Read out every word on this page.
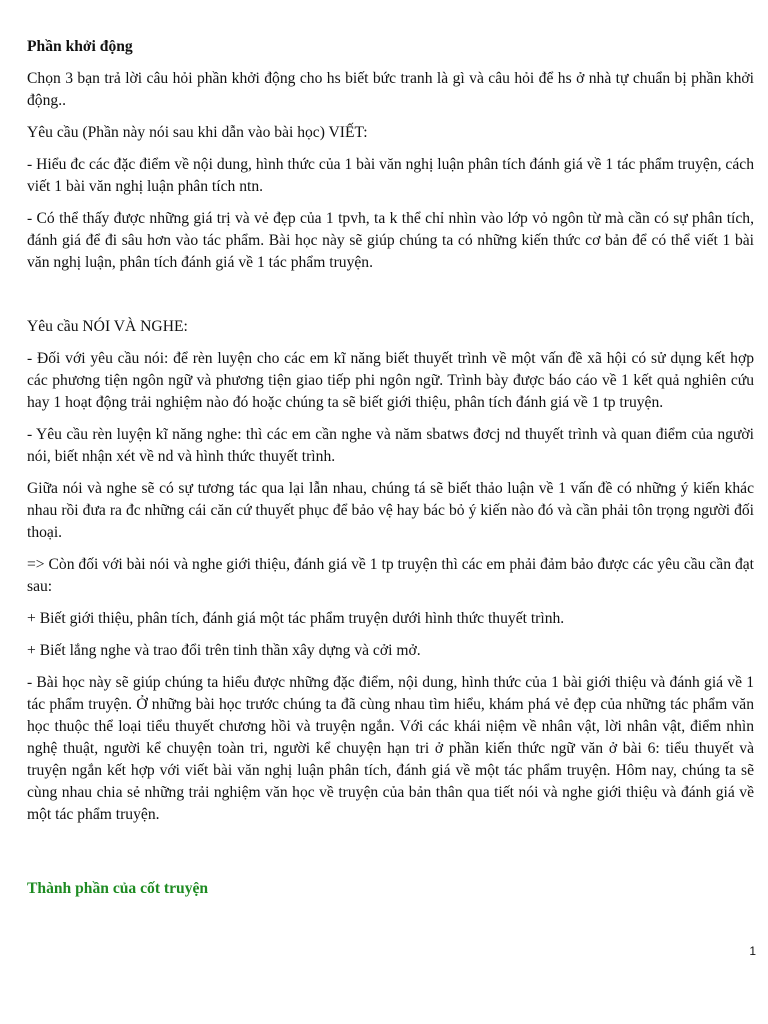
Phần khởi động

Chọn 3 bạn trả lời câu hỏi phần khởi động cho hs biết bức tranh là gì và câu hỏi để hs ở nhà tự chuẩn bị phần khởi động..

Yêu cầu (Phần này nói sau khi dẫn vào bài học) VIẾT:

- Hiểu đc các đặc điểm về nội dung, hình thức của 1 bài văn nghị luận phân tích đánh giá về 1 tác phẩm truyện, cách viết 1 bài văn nghị luận phân tích ntn.

- Có thể thấy được những giá trị và vẻ đẹp của 1 tpvh, ta k thể chỉ nhìn vào lớp vỏ ngôn từ mà cần có sự phân tích, đánh giá để đi sâu hơn vào tác phẩm. Bài học này sẽ giúp chúng ta có những kiến thức cơ bản để có thể viết 1 bài văn nghị luận, phân tích đánh giá về 1 tác phẩm truyện.

Yêu cầu NÓI VÀ NGHE:

- Đối với yêu cầu nói: để rèn luyện cho các em kĩ năng biết thuyết trình về một vấn đề xã hội có sử dụng kết hợp các phương tiện ngôn ngữ và phương tiện giao tiếp phi ngôn ngữ. Trình bày được báo cáo về 1 kết quả nghiên cứu hay 1 hoạt động trải nghiệm nào đó hoặc chúng ta sẽ biết giới thiệu, phân tích đánh giá về 1 tp truyện.

- Yêu cầu rèn luyện kĩ năng nghe: thì các em cần nghe và năm sbatws đơcj nd thuyết trình và quan điểm của người nói, biết nhận xét về nd và hình thức thuyết trình.

Giữa nói và nghe sẽ có sự tương tác qua lại lẫn nhau, chúng tá sẽ biết thảo luận về 1 vấn đề có những ý kiến khác nhau rồi đưa ra đc những cái căn cứ thuyết phục để bảo vệ hay bác bỏ ý kiến nào đó và cần phải tôn trọng người đối thoại.

=> Còn đối với bài nói và nghe giới thiệu, đánh giá về 1 tp truyện thì các em phải đảm bảo được các yêu cầu cần đạt sau:

+ Biết giới thiệu, phân tích, đánh giá một tác phẩm truyện dưới hình thức thuyết trình.

+ Biết lắng nghe và trao đổi trên tinh thần xây dựng và cởi mở.

- Bài học này sẽ giúp chúng ta hiểu được những đặc điểm, nội dung, hình thức của 1 bài giới thiệu và đánh giá về 1 tác phẩm truyện. Ở những bài học trước chúng ta đã cùng nhau tìm hiểu, khám phá vẻ đẹp của những tác phẩm văn học thuộc thể loại tiểu thuyết chương hồi và truyện ngắn. Với các khái niệm về nhân vật, lời nhân vật, điểm nhìn nghệ thuật, người kể chuyện toàn tri, người kể chuyện hạn tri ở phần kiến thức ngữ văn ở bài 6: tiểu thuyết và truyện ngắn kết hợp với viết bài văn nghị luận phân tích, đánh giá về một tác phẩm truyện. Hôm nay, chúng ta sẽ cùng nhau chia sẻ những trải nghiệm văn học về truyện của bản thân qua tiết nói và nghe giới thiệu và đánh giá về một tác phẩm truyện.

Thành phần của cốt truyện

1
